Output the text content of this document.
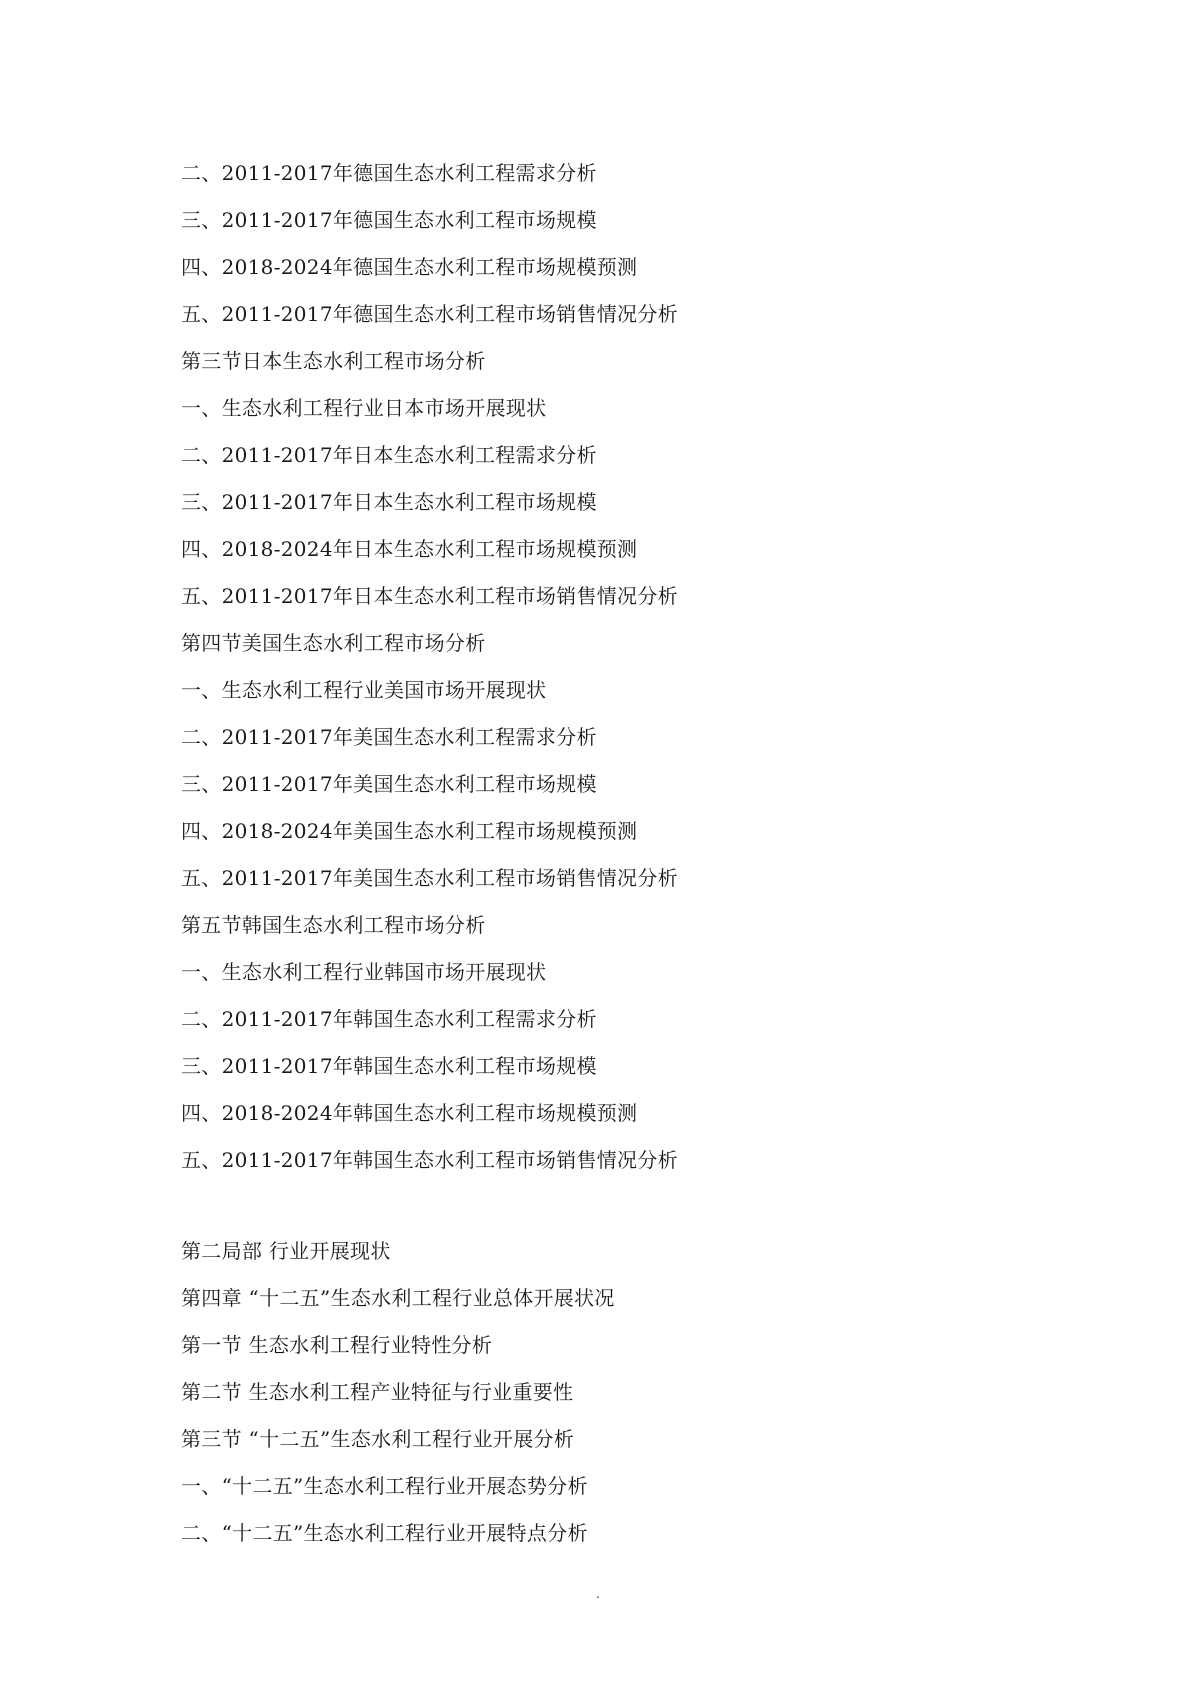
二、2011-2017年德国生态水利工程需求分析
三、2011-2017年德国生态水利工程市场规模
四、2018-2024年德国生态水利工程市场规模预测
五、2011-2017年德国生态水利工程市场销售情况分析
第三节日本生态水利工程市场分析
一、生态水利工程行业日本市场开展现状
二、2011-2017年日本生态水利工程需求分析
三、2011-2017年日本生态水利工程市场规模
四、2018-2024年日本生态水利工程市场规模预测
五、2011-2017年日本生态水利工程市场销售情况分析
第四节美国生态水利工程市场分析
一、生态水利工程行业美国市场开展现状
二、2011-2017年美国生态水利工程需求分析
三、2011-2017年美国生态水利工程市场规模
四、2018-2024年美国生态水利工程市场规模预测
五、2011-2017年美国生态水利工程市场销售情况分析
第五节韩国生态水利工程市场分析
一、生态水利工程行业韩国市场开展现状
二、2011-2017年韩国生态水利工程需求分析
三、2011-2017年韩国生态水利工程市场规模
四、2018-2024年韩国生态水利工程市场规模预测
五、2011-2017年韩国生态水利工程市场销售情况分析
第二局部 行业开展现状
第四章 “十二五”生态水利工程行业总体开展状况
第一节 生态水利工程行业特性分析
第二节 生态水利工程产业特征与行业重要性
第三节 “十二五”生态水利工程行业开展分析
一、“十二五”生态水利工程行业开展态势分析
二、“十二五”生态水利工程行业开展特点分析
.
